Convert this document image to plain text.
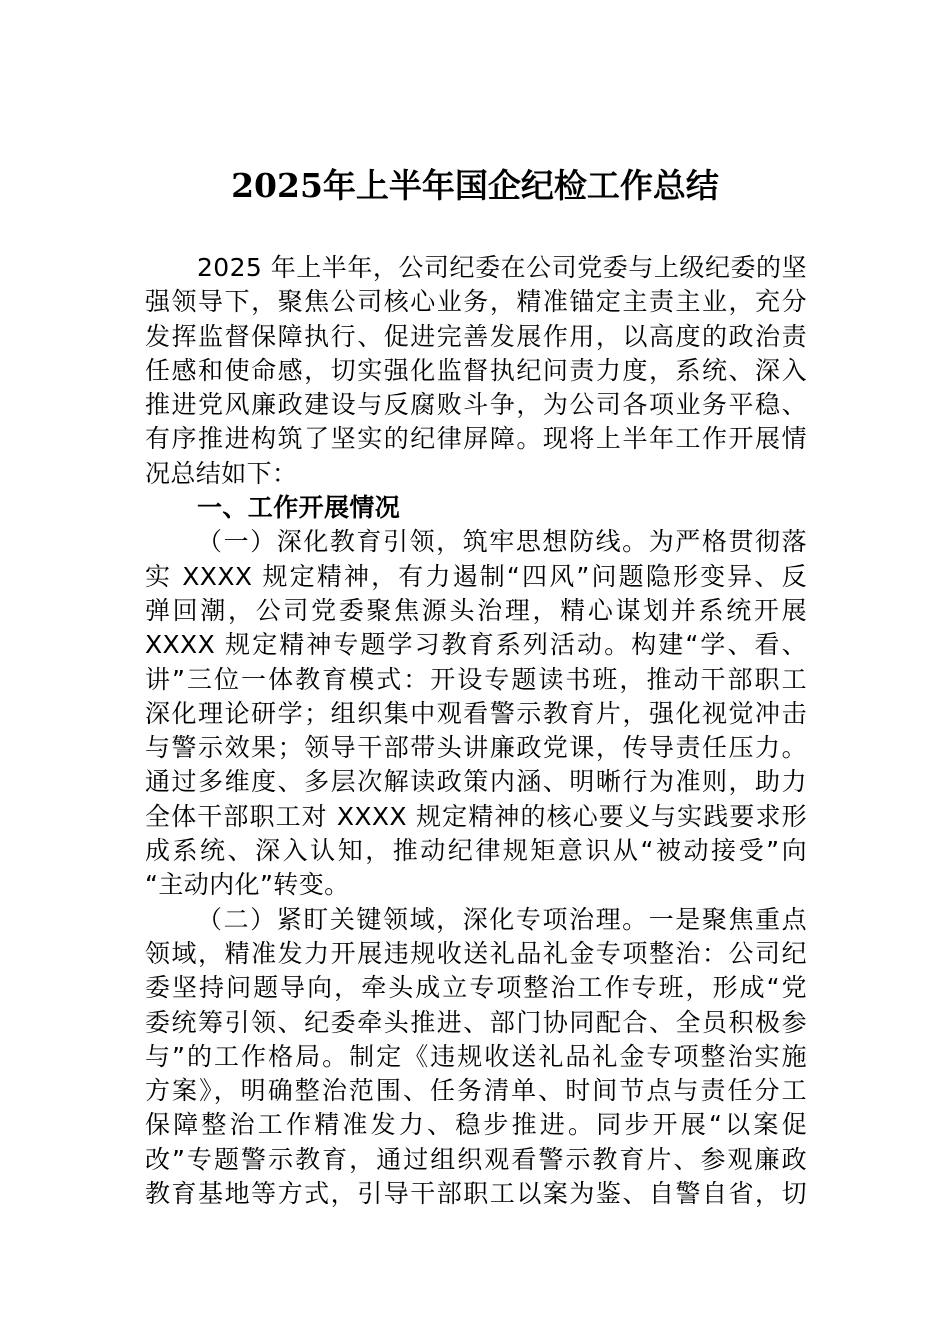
2025年上半年国企纪检工作总结
2025 年上半年，公司纪委在公司党委与上级纪委的坚
强领导下，聚焦公司核心业务，精准锚定主责主业，充分
发挥监督保障执行、促进完善发展作用，以高度的政治责
任感和使命感，切实强化监督执纪问责力度，系统、深入
推进党风廉政建设与反腐败斗争，为公司各项业务平稳、
有序推进构筑了坚实的纪律屏障。现将上半年工作开展情
况总结如下：
一、工作开展情况
（一）深化教育引领，筑牢思想防线。为严格贯彻落
实 XXXX 规定精神，有力遏制“四风”问题隐形变异、反
弹回潮，公司党委聚焦源头治理，精心谋划并系统开展
XXXX 规定精神专题学习教育系列活动。构建“学、看、
讲”三位一体教育模式：开设专题读书班，推动干部职工
深化理论研学；组织集中观看警示教育片，强化视觉冲击
与警示效果；领导干部带头讲廉政党课，传导责任压力。
通过多维度、多层次解读政策内涵、明晰行为准则，助力
全体干部职工对 XXXX 规定精神的核心要义与实践要求形
成系统、深入认知，推动纪律规矩意识从“被动接受”向
“主动内化”转变。
（二）紧盯关键领域，深化专项治理。一是聚焦重点
领域，精准发力开展违规收送礼品礼金专项整治：公司纪
委坚持问题导向，牵头成立专项整治工作专班，形成“党
委统筹引领、纪委牵头推进、部门协同配合、全员积极参
与”的工作格局。制定《违规收送礼品礼金专项整治实施
方案》，明确整治范围、任务清单、时间节点与责任分工
保障整治工作精准发力、稳步推进。同步开展“以案促
改”专题警示教育，通过组织观看警示教育片、参观廉政
教育基地等方式，引导干部职工以案为鉴、自警自省，切
